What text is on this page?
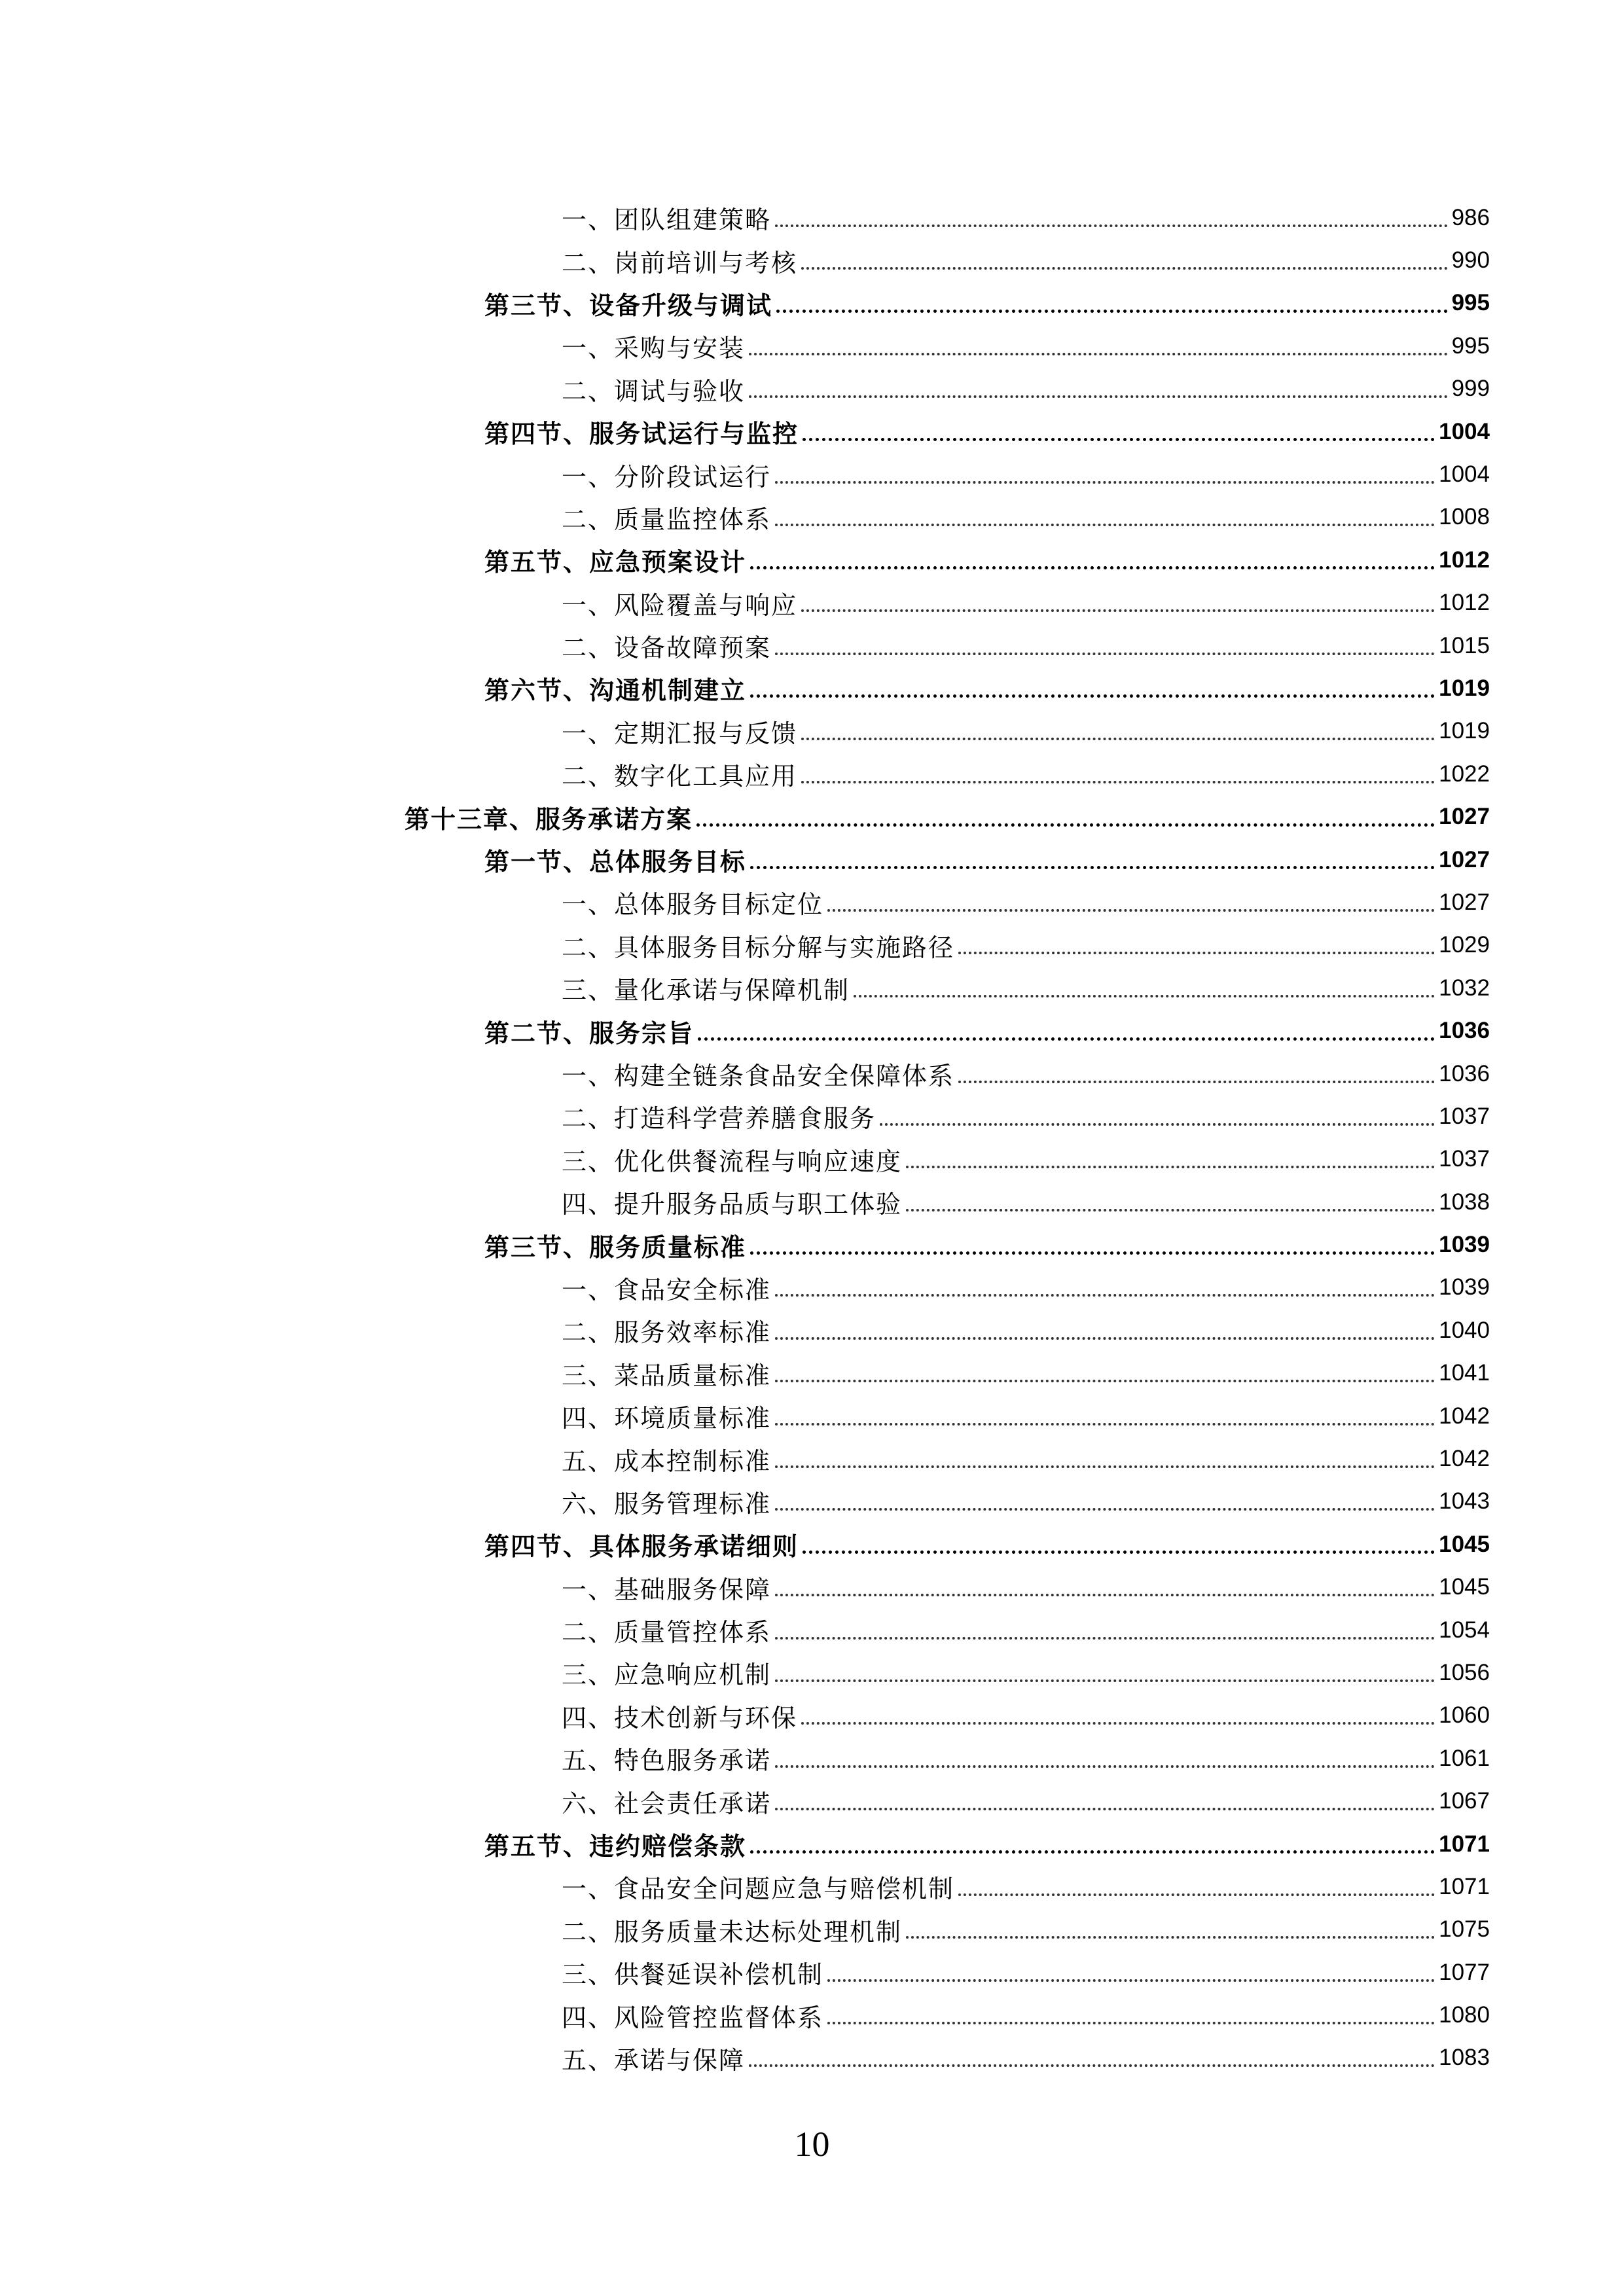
一、团队组建策略	986
二、岗前培训与考核	990
第三节、设备升级与调试	995
一、采购与安装	995
二、调试与验收	999
第四节、服务试运行与监控	1004
一、分阶段试运行	1004
二、质量监控体系	1008
第五节、应急预案设计	1012
一、风险覆盖与响应	1012
二、设备故障预案	1015
第六节、沟通机制建立	1019
一、定期汇报与反馈	1019
二、数字化工具应用	1022
第十三章、服务承诺方案	1027
第一节、总体服务目标	1027
一、总体服务目标定位	1027
二、具体服务目标分解与实施路径	1029
三、量化承诺与保障机制	1032
第二节、服务宗旨	1036
一、构建全链条食品安全保障体系	1036
二、打造科学营养膳食服务	1037
三、优化供餐流程与响应速度	1037
四、提升服务品质与职工体验	1038
第三节、服务质量标准	1039
一、食品安全标准	1039
二、服务效率标准	1040
三、菜品质量标准	1041
四、环境质量标准	1042
五、成本控制标准	1042
六、服务管理标准	1043
第四节、具体服务承诺细则	1045
一、基础服务保障	1045
二、质量管控体系	1054
三、应急响应机制	1056
四、技术创新与环保	1060
五、特色服务承诺	1061
六、社会责任承诺	1067
第五节、违约赔偿条款	1071
一、食品安全问题应急与赔偿机制	1071
二、服务质量未达标处理机制	1075
三、供餐延误补偿机制	1077
四、风险管控监督体系	1080
五、承诺与保障	1083
10
